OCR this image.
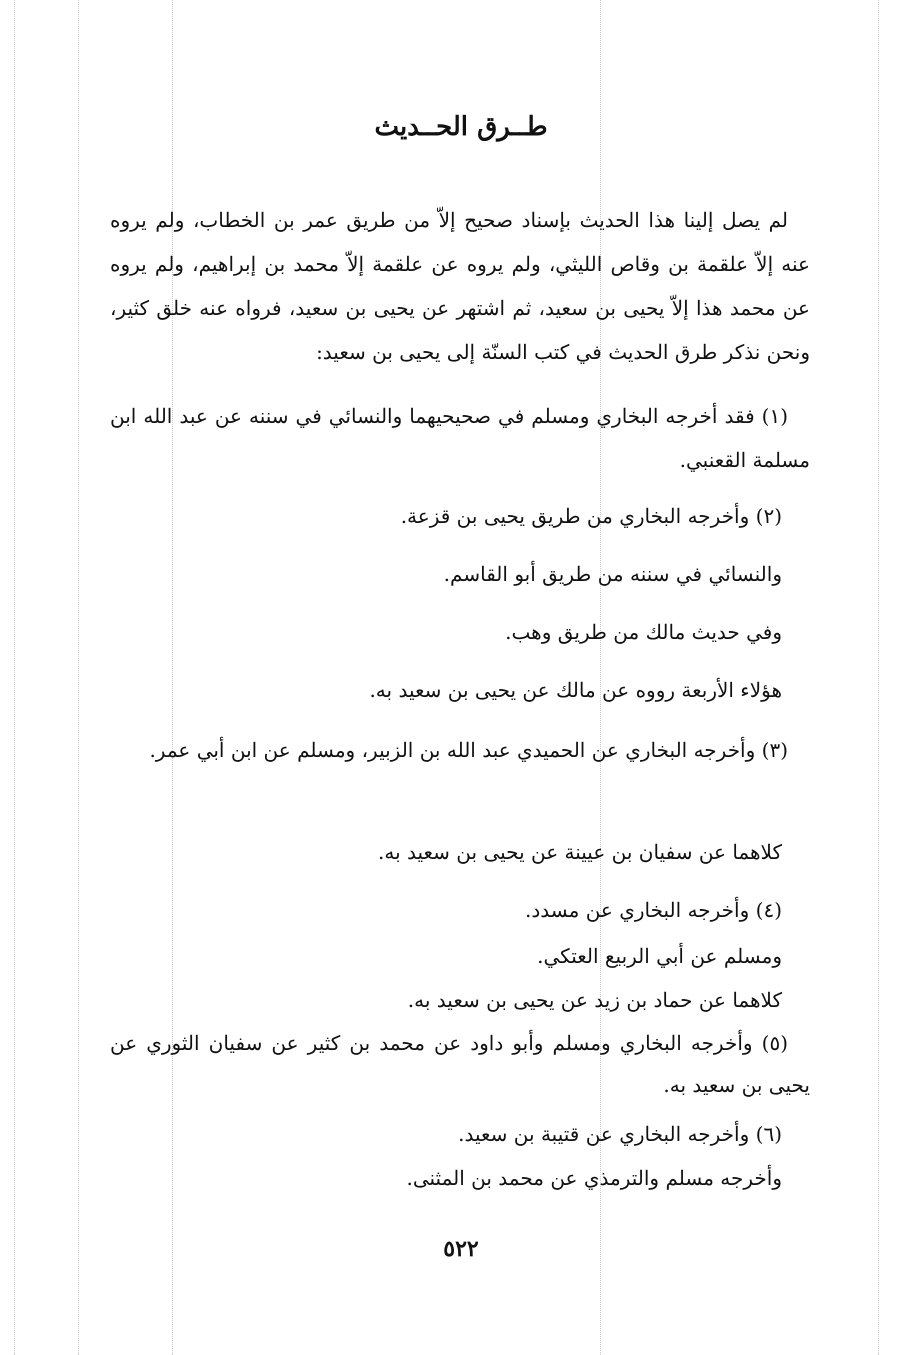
طــرق الحــديث

لم يصل إلينا هذا الحديث بإسناد صحيح إلاّ من طريق عمر بن الخطاب، ولم يروه عنه إلاّ علقمة بن وقاص الليثي، ولم يروه عن علقمة إلاّ محمد بن إبراهيم، ولم يروه عن محمد هذا إلاّ يحيى بن سعيد، ثم اشتهر عن يحيى بن سعيد، فرواه عنه خلق كثير، ونحن نذكر طرق الحديث في كتب السنّة إلى يحيى بن سعيد:

(١) فقد أخرجه البخاري ومسلم في صحيحيهما والنسائي في سننه عن عبد الله ابن مسلمة القعنبي.

(٢) وأخرجه البخاري من طريق يحيى بن قزعة.
والنسائي في سننه من طريق أبو القاسم.
وفي حديث مالك من طريق وهب.
هؤلاء الأربعة رووه عن مالك عن يحيى بن سعيد به.

(٣) وأخرجه البخاري عن الحميدي عبد الله بن الزبير، ومسلم عن ابن أبي عمر.

كلاهما عن سفيان بن عيينة عن يحيى بن سعيد به.
(٤) وأخرجه البخاري عن مسدد.
ومسلم عن أبي الربيع العتكي.
كلاهما عن حماد بن زيد عن يحيى بن سعيد به.

(٥) وأخرجه البخاري ومسلم وأبو داود عن محمد بن كثير عن سفيان الثوري عن يحيى بن سعيد به.

(٦) وأخرجه البخاري عن قتيبة بن سعيد.
وأخرجه مسلم والترمذي عن محمد بن المثنى.
٥٢٢
